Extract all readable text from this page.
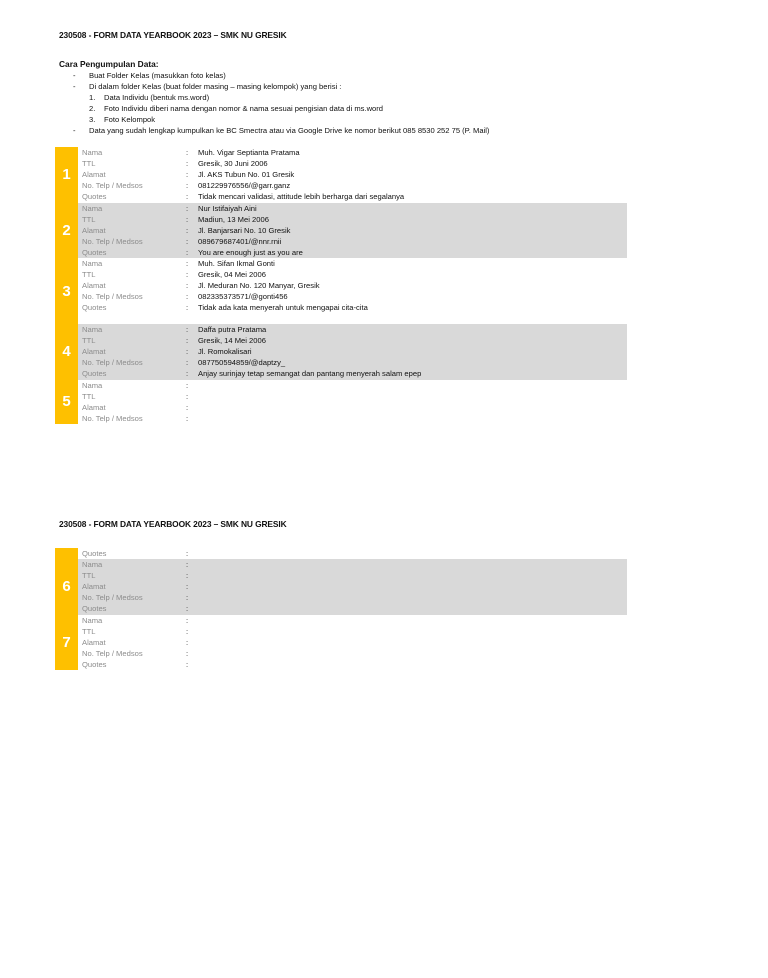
230508 - FORM DATA YEARBOOK 2023 – SMK NU GRESIK
Cara Pengumpulan Data:
- Buat Folder Kelas (masukkan foto kelas)
- Di dalam folder Kelas (buat folder masing – masing kelompok) yang berisi :
1. Data Individu (bentuk ms.word)
2. Foto Individu diberi nama dengan nomor & nama sesuai pengisian data di ms.word
3. Foto Kelompok
- Data yang sudah lengkap kumpulkan ke BC Smectra atau via Google Drive ke nomor berikut 085 8530 252 75 (P. Mail)
1
Nama	: Muh. Vigar Septianta Pratama
TTL	: Gresik, 30 Juni 2006
Alamat	: Jl. AKS Tubun No. 01 Gresik
No. Telp / Medsos	: 081229976556/@garr.ganz
Quotes	: Tidak mencari validasi, attitude lebih berharga dari segalanya
2
Nama	: Nur Istifaiyah Aini
TTL	: Madiun, 13 Mei 2006
Alamat	: Jl. Banjarsari No. 10 Gresik
No. Telp / Medsos	: 089679687401/@nnr.rnii
Quotes	: You are enough just as you are
3
Nama	: Muh. Sifan Ikmal Gonti
TTL	: Gresik, 04 Mei 2006
Alamat	: Jl. Meduran No. 120 Manyar, Gresik
No. Telp / Medsos	: 082335373571/@gonti456
Quotes	: Tidak ada kata menyerah untuk mengapai cita-cita
4
Nama	: Daffa putra Pratama
TTL	: Gresik, 14 Mei 2006
Alamat	: Jl. Romokalisari
No. Telp / Medsos	: 087750594859/@daptzy_
Quotes	: Anjay surinjay tetap semangat dan pantang menyerah salam epep
5
Nama	:
TTL	:
Alamat	:
No. Telp / Medsos	:
230508 - FORM DATA YEARBOOK 2023 – SMK NU GRESIK
Quotes	:
6
Nama	:
TTL	:
Alamat	:
No. Telp / Medsos	:
Quotes	:
7
Nama	:
TTL	:
Alamat	:
No. Telp / Medsos	:
Quotes	:
